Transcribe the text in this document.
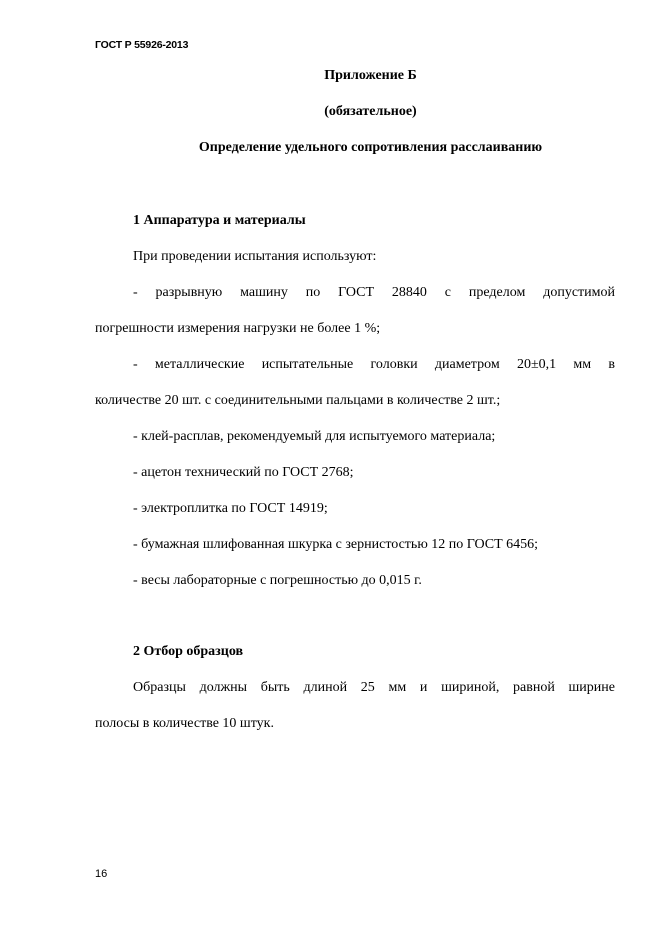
ГОСТ Р 55926-2013
Приложение Б
(обязательное)
Определение удельного сопротивления расслаиванию
1 Аппаратура и материалы
При проведении испытания используют:
- разрывную машину по ГОСТ 28840 с пределом допустимой
погрешности измерения нагрузки не более 1 %;
- металлические испытательные головки диаметром 20±0,1 мм в
количестве 20 шт. с соединительными пальцами в количестве 2 шт.;
- клей-расплав, рекомендуемый для испытуемого материала;
- ацетон технический по ГОСТ 2768;
- электроплитка по ГОСТ 14919;
- бумажная шлифованная шкурка с зернистостью 12 по ГОСТ 6456;
- весы лабораторные с погрешностью до 0,015 г.
2 Отбор образцов
Образцы должны быть длиной 25 мм и шириной, равной ширине
полосы в количестве 10 штук.
16
